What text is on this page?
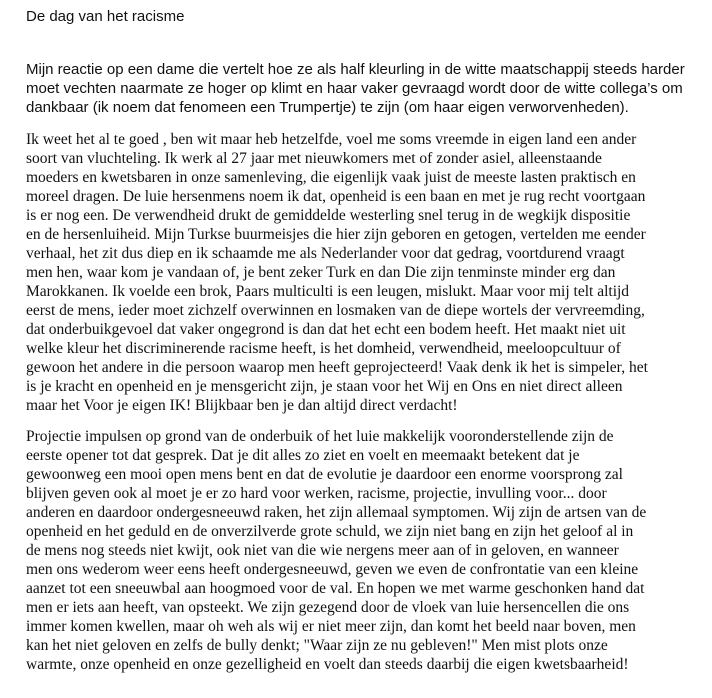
De dag van het racisme
Mijn reactie op een dame die vertelt hoe ze als half kleurling in de witte maatschappij steeds harder
moet vechten naarmate ze hoger op klimt en haar vaker gevraagd wordt door de witte collega’s om
dankbaar (ik noem dat fenomeen een Trumpertje) te zijn (om haar eigen verworvenheden).
Ik weet het al te goed , ben wit maar heb hetzelfde, voel me soms vreemde in eigen land een ander
soort van vluchteling. Ik werk al 27 jaar met nieuwkomers met of zonder asiel, alleenstaande
moeders en kwetsbaren in onze samenleving, die eigenlijk vaak juist de meeste lasten praktisch en
moreel dragen. De luie hersenmens noem ik dat, openheid is een baan en met je rug recht voortgaan
is er nog een. De verwendheid drukt de gemiddelde westerling snel terug in de wegkijk dispositie
en de hersenluiheid. Mijn Turkse buurmeisjes die hier zijn geboren en getogen, vertelden me eender
verhaal, het zit dus diep en ik schaamde me als Nederlander voor dat gedrag, voortdurend vraagt
men hen, waar kom je vandaan of, je bent zeker Turk en dan Die zijn tenminste minder erg dan
Marokkanen. Ik voelde een brok, Paars multiculti is een leugen, mislukt. Maar voor mij telt altijd
eerst de mens, ieder moet zichzelf overwinnen en losmaken van de diepe wortels der vervreemding,
dat onderbuikgevoel dat vaker ongegrond is dan dat het echt een bodem heeft. Het maakt niet uit
welke kleur het discriminerende racisme heeft, is het domheid, verwendheid, meeloopcultuur of
gewoon het andere in die persoon waarop men heeft geprojecteerd! Vaak denk ik het is simpeler, het
is je kracht en openheid en je mensgericht zijn, je staan voor het Wij en Ons en niet direct alleen
maar het Voor je eigen IK! Blijkbaar ben je dan altijd direct verdacht!
Projectie impulsen op grond van de onderbuik of het luie makkelijk vooronderstellende zijn de
eerste opener tot dat gesprek. Dat je dit alles zo ziet en voelt en meemaakt betekent dat je
gewoonweg een mooi open mens bent en dat de evolutie je daardoor een enorme voorsprong zal
blijven geven ook al moet je er zo hard voor werken, racisme, projectie, invulling voor... door
anderen en daardoor ondergesneeuwd raken, het zijn allemaal symptomen. Wij zijn de artsen van de
openheid en het geduld en de onverzilverde grote schuld, we zijn niet bang en zijn het geloof al in
de mens nog steeds niet kwijt, ook niet van die wie nergens meer aan of in geloven, en wanneer
men ons wederom weer eens heeft ondergesneeuwd, geven we even de confrontatie van een kleine
aanzet tot een sneeuwbal aan hoogmoed voor de val. En hopen we met warme geschonken hand dat
men er iets aan heeft, van opsteekt. We zijn gezegend door de vloek van luie hersencellen die ons
immer komen kwellen, maar oh weh als wij er niet meer zijn, dan komt het beeld naar boven, men
kan het niet geloven en zelfs de bully denkt; "Waar zijn ze nu gebleven!" Men mist plots onze
warmte, onze openheid en onze gezelligheid en voelt dan steeds daarbij die eigen kwetsbaarheid!
